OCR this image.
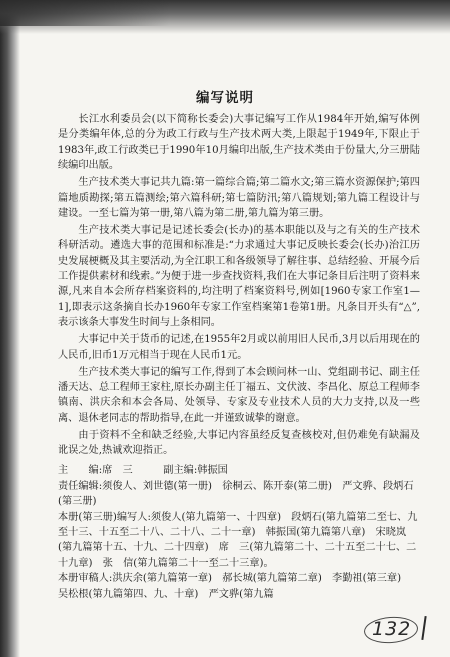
编写说明

长江水利委员会(以下简称长委会)大事记编写工作从1984年开始,编写体例是分类编年体,总的分为政工行政与生产技术两大类,上限起于1949年,下限止于1983年,政工行政类已于1990年10月编印出版,生产技术类由于份量大,分三册陆续编印出版。

生产技术类大事记共九篇:第一篇综合篇;第二篇水文;第三篇水资源保护;第四篇地质勘探;第五篇测绘;第六篇科研;第七篇防汛;第八篇规划;第九篇工程设计与建设。一至七篇为第一册,第八篇为第二册,第九篇为第三册。

生产技术类大事记是记述长委会(长办)的基本职能以及与之有关的生产技术科研活动。遴选大事的范围和标准是:“力求通过大事记反映长委会(长办)治江历史发展梗概及其主要活动,为全江职工和各级领导了解往事、总结经验、开展今后工作提供素材和线索。”为便于进一步查找资料,我们在大事记条目后注明了资料来源,凡来自本会所存档案资料的,均注明了档案资料号,例如[1960专家工作室1—1],即表示这条摘自长办1960年专家工作室档案第1卷第1册。凡条目开头有“△”,表示该条大事发生时间与上条相同。

大事记中关于货币的记述,在1955年2月或以前用旧人民币,3月以后用现在的人民币,旧币1万元相当于现在人民币1元。

生产技术类大事记的编写工作,得到了本会顾问林一山、党组副书记、副主任潘天达、总工程师王家柱,原长办副主任丁福五、文伏波、李昌化、原总工程师李镇南、洪庆余和本会各局、处领导、专家及专业技术人员的大力支持,以及一些离、退休老同志的帮助指导,在此一并谨致诚挚的谢意。

由于资料不全和缺乏经验,大事记内容虽经反复查核校对,但仍难免有缺漏及讹误之处,热诚欢迎指正。

主　　编:席　三　　　副主编:韩振国

责任编辑:须俊人、刘世德(第一册)　徐桐云、陈开泰(第二册)　严文骅、段炳石(第三册)

本册(第三册)编写人:须俊人(第九篇第一、十四章)　段炳石(第九篇第二至七、九至十三、十五至二十八、二十八、二十一章)　韩振国(第九篇第八章)　宋晓岚(第九篇第十五、十九、二十四章)　席　三(第九篇第二十、二十五至二十七、二十九章)　张　信(第九篇第二十一至二十三章)。

本册审稿人:洪庆余(第九篇第一章)　郝长城(第九篇第二章)　李勤祖(第三章)　吴松根(第九篇第四、九、十章)　严文骅(第九篇

132
